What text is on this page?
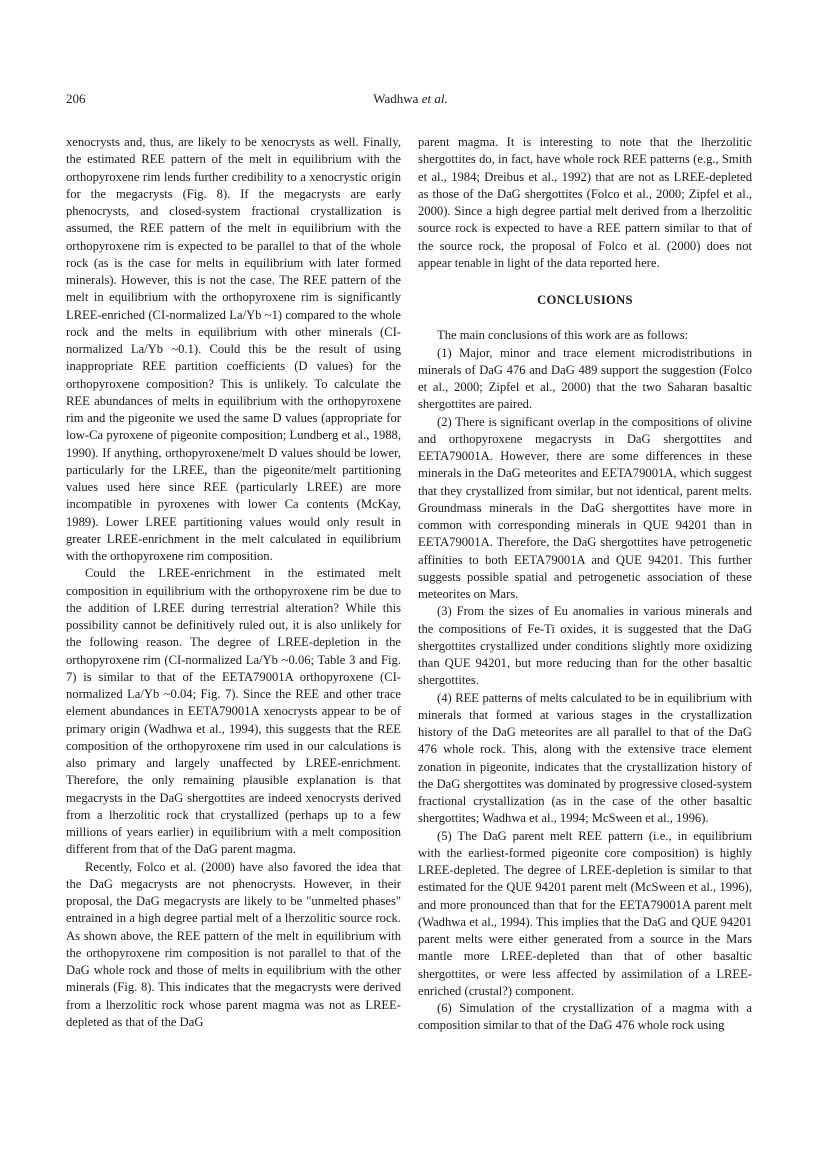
206	Wadhwa et al.

xenocrysts and, thus, are likely to be xenocrysts as well. Finally, the estimated REE pattern of the melt in equilibrium with the orthopyroxene rim lends further credibility to a xenocrystic origin for the megacrysts (Fig. 8). If the megacrysts are early phenocrysts, and closed-system fractional crystallization is assumed, the REE pattern of the melt in equilibrium with the orthopyroxene rim is expected to be parallel to that of the whole rock (as is the case for melts in equilibrium with later formed minerals). However, this is not the case. The REE pattern of the melt in equilibrium with the orthopyroxene rim is significantly LREE-enriched (CI-normalized La/Yb ~1) compared to the whole rock and the melts in equilibrium with other minerals (CI-normalized La/Yb ~0.1). Could this be the result of using inappropriate REE partition coefficients (D values) for the orthopyroxene composition? This is unlikely. To calculate the REE abundances of melts in equilibrium with the orthopyroxene rim and the pigeonite we used the same D values (appropriate for low-Ca pyroxene of pigeonite composition; Lundberg et al., 1988, 1990). If anything, orthopyroxene/melt D values should be lower, particularly for the LREE, than the pigeonite/melt partitioning values used here since REE (particularly LREE) are more incompatible in pyroxenes with lower Ca contents (McKay, 1989). Lower LREE partitioning values would only result in greater LREE-enrichment in the melt calculated in equilibrium with the orthopyroxene rim composition.

Could the LREE-enrichment in the estimated melt composition in equilibrium with the orthopyroxene rim be due to the addition of LREE during terrestrial alteration? While this possibility cannot be definitively ruled out, it is also unlikely for the following reason. The degree of LREE-depletion in the orthopyroxene rim (CI-normalized La/Yb ~0.06; Table 3 and Fig. 7) is similar to that of the EETA79001A orthopyroxene (CI-normalized La/Yb ~0.04; Fig. 7). Since the REE and other trace element abundances in EETA79001A xenocrysts appear to be of primary origin (Wadhwa et al., 1994), this suggests that the REE composition of the orthopyroxene rim used in our calculations is also primary and largely unaffected by LREE-enrichment. Therefore, the only remaining plausible explanation is that megacrysts in the DaG shergottites are indeed xenocrysts derived from a lherzolitic rock that crystallized (perhaps up to a few millions of years earlier) in equilibrium with a melt composition different from that of the DaG parent magma.

Recently, Folco et al. (2000) have also favored the idea that the DaG megacrysts are not phenocrysts. However, in their proposal, the DaG megacrysts are likely to be "unmelted phases" entrained in a high degree partial melt of a lherzolitic source rock. As shown above, the REE pattern of the melt in equilibrium with the orthopyroxene rim composition is not parallel to that of the DaG whole rock and those of melts in equilibrium with the other minerals (Fig. 8). This indicates that the megacrysts were derived from a lherzolitic rock whose parent magma was not as LREE-depleted as that of the DaG

parent magma. It is interesting to note that the lherzolitic shergottites do, in fact, have whole rock REE patterns (e.g., Smith et al., 1984; Dreibus et al., 1992) that are not as LREE-depleted as those of the DaG shergottites (Folco et al., 2000; Zipfel et al., 2000). Since a high degree partial melt derived from a lherzolitic source rock is expected to have a REE pattern similar to that of the source rock, the proposal of Folco et al. (2000) does not appear tenable in light of the data reported here.

CONCLUSIONS

The main conclusions of this work are as follows:

(1) Major, minor and trace element microdistributions in minerals of DaG 476 and DaG 489 support the suggestion (Folco et al., 2000; Zipfel et al., 2000) that the two Saharan basaltic shergottites are paired.

(2) There is significant overlap in the compositions of olivine and orthopyroxene megacrysts in DaG shergottites and EETA79001A. However, there are some differences in these minerals in the DaG meteorites and EETA79001A, which suggest that they crystallized from similar, but not identical, parent melts. Groundmass minerals in the DaG shergottites have more in common with corresponding minerals in QUE 94201 than in EETA79001A. Therefore, the DaG shergottites have petrogenetic affinities to both EETA79001A and QUE 94201. This further suggests possible spatial and petrogenetic association of these meteorites on Mars.

(3) From the sizes of Eu anomalies in various minerals and the compositions of Fe-Ti oxides, it is suggested that the DaG shergottites crystallized under conditions slightly more oxidizing than QUE 94201, but more reducing than for the other basaltic shergottites.

(4) REE patterns of melts calculated to be in equilibrium with minerals that formed at various stages in the crystallization history of the DaG meteorites are all parallel to that of the DaG 476 whole rock. This, along with the extensive trace element zonation in pigeonite, indicates that the crystallization history of the DaG shergottites was dominated by progressive closed-system fractional crystallization (as in the case of the other basaltic shergottites; Wadhwa et al., 1994; McSween et al., 1996).

(5) The DaG parent melt REE pattern (i.e., in equilibrium with the earliest-formed pigeonite core composition) is highly LREE-depleted. The degree of LREE-depletion is similar to that estimated for the QUE 94201 parent melt (McSween et al., 1996), and more pronounced than that for the EETA79001A parent melt (Wadhwa et al., 1994). This implies that the DaG and QUE 94201 parent melts were either generated from a source in the Mars mantle more LREE-depleted than that of other basaltic shergottites, or were less affected by assimilation of a LREE-enriched (crustal?) component.

(6) Simulation of the crystallization of a magma with a composition similar to that of the DaG 476 whole rock using
